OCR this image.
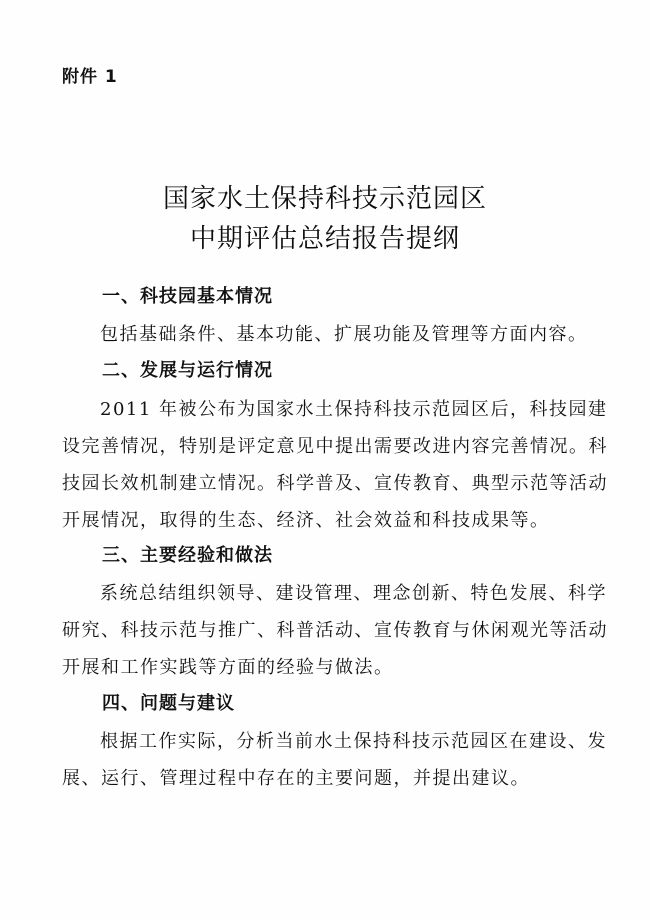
附件 1
国家水土保持科技示范园区
中期评估总结报告提纲
一、科技园基本情况
包括基础条件、基本功能、扩展功能及管理等方面内容。
二、发展与运行情况
2011 年被公布为国家水土保持科技示范园区后，科技园建
设完善情况，特别是评定意见中提出需要改进内容完善情况。科
技园长效机制建立情况。科学普及、宣传教育、典型示范等活动
开展情况，取得的生态、经济、社会效益和科技成果等。
三、主要经验和做法
系统总结组织领导、建设管理、理念创新、特色发展、科学
研究、科技示范与推广、科普活动、宣传教育与休闲观光等活动
开展和工作实践等方面的经验与做法。
四、问题与建议
根据工作实际，分析当前水土保持科技示范园区在建设、发
展、运行、管理过程中存在的主要问题，并提出建议。
